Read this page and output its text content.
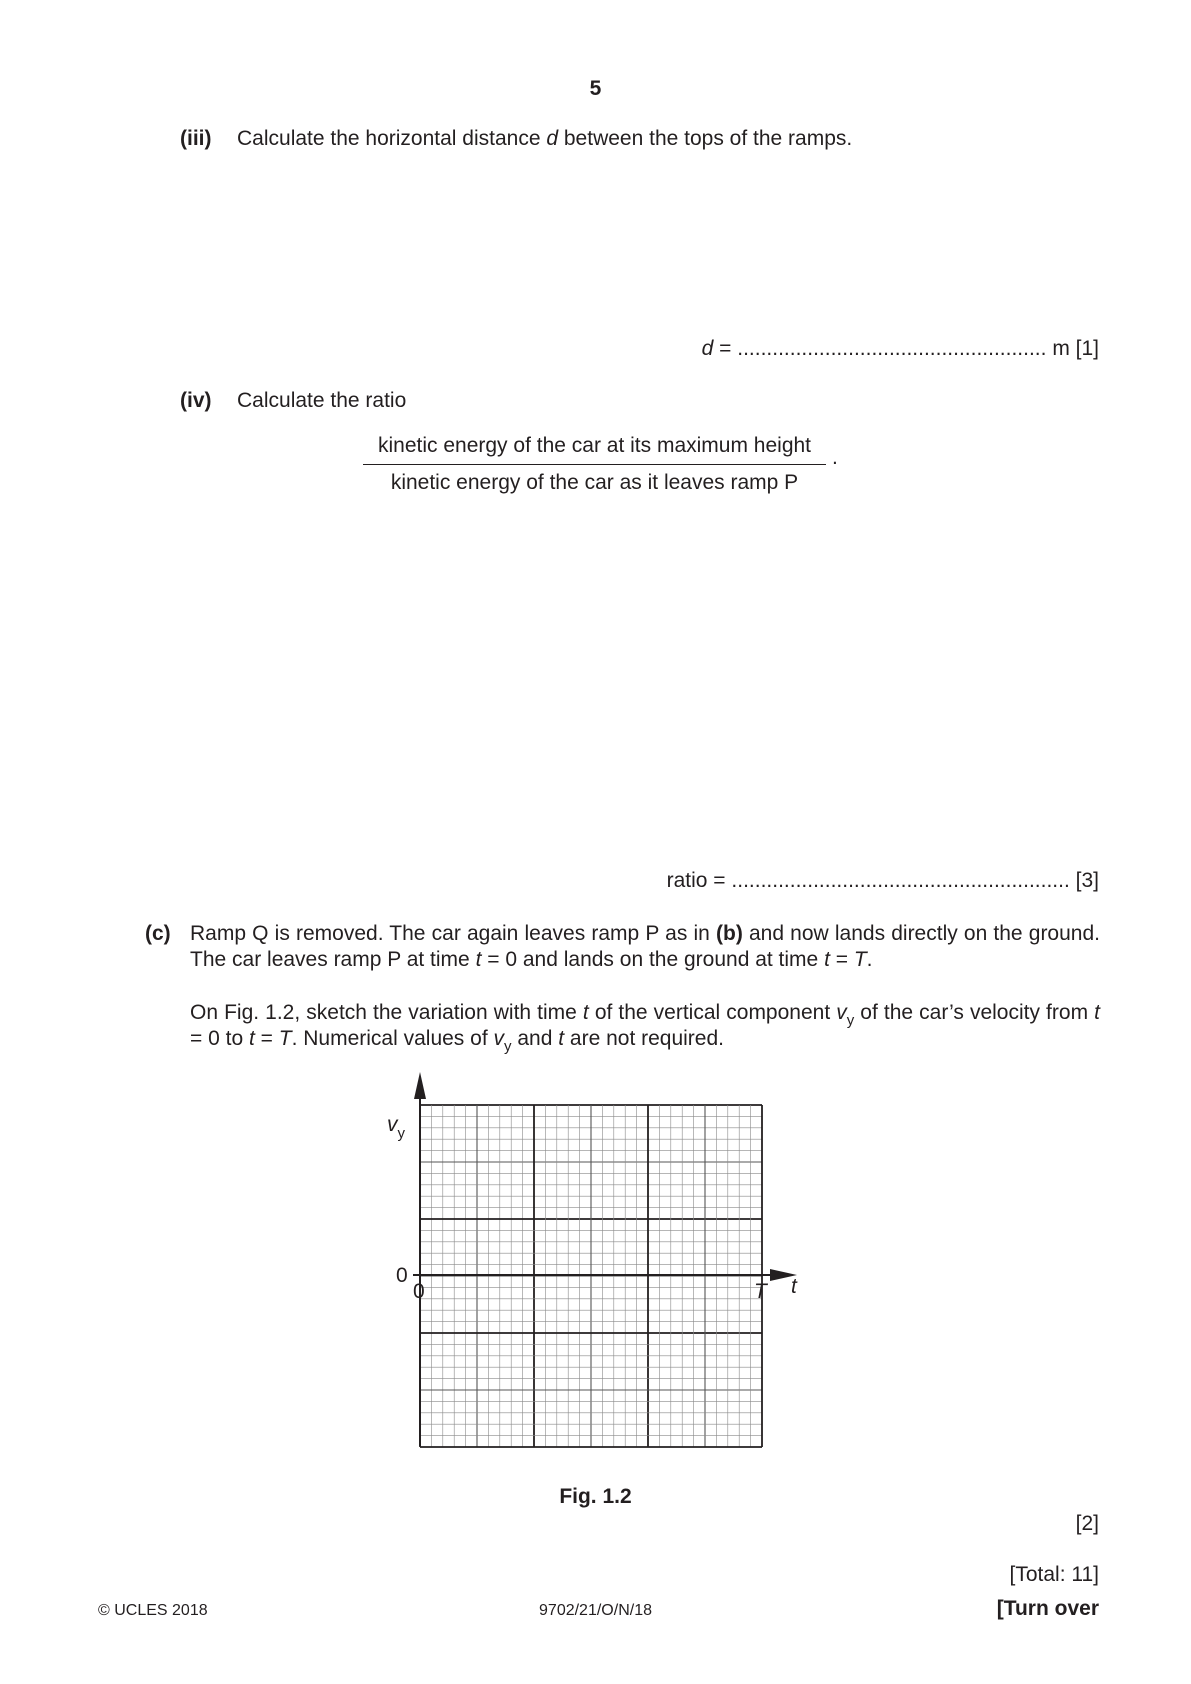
5
(iii) Calculate the horizontal distance d between the tops of the ramps.
d = ..................................................... m [1]
(iv) Calculate the ratio
kinetic energy of the car at its maximum height
kinetic energy of the car as it leaves ramp P
.
ratio = .......................................................... [3]
(c) Ramp Q is removed. The car again leaves ramp P as in (b) and now lands directly on the ground. The car leaves ramp P at time t = 0 and lands on the ground at time t = T.
On Fig. 1.2, sketch the variation with time t of the vertical component $v_y$ of the car’s velocity from t = 0 to t = T. Numerical values of $v_y$ and t are not required.
$v_y$
0
0	T t
Fig. 1.2
[2]
[Total: 11]
© UCLES 2018	9702/21/O/N/18	[Turn over
